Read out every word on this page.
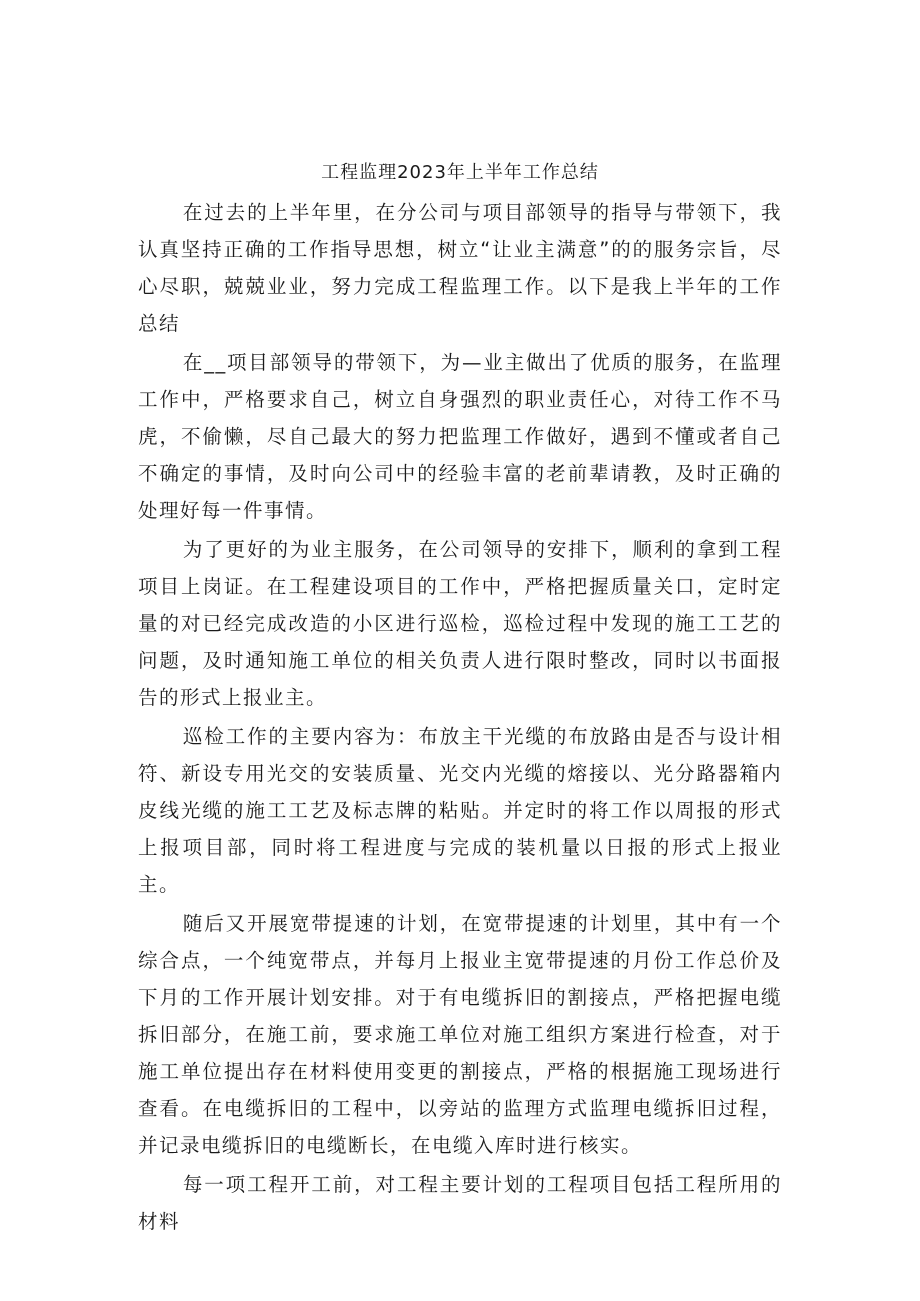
工程监理2023年上半年工作总结

在过去的上半年里，在分公司与项目部领导的指导与带领下，我认真坚持正确的工作指导思想，树立“让业主满意”的的服务宗旨，尽心尽职，兢兢业业，努力完成工程监理工作。以下是我上半年的工作总结

在__项目部领导的带领下，为—业主做出了优质的服务，在监理工作中，严格要求自己，树立自身强烈的职业责任心，对待工作不马虎，不偷懒，尽自己最大的努力把监理工作做好，遇到不懂或者自己不确定的事情，及时向公司中的经验丰富的老前辈请教，及时正确的处理好每一件事情。

为了更好的为业主服务，在公司领导的安排下，顺利的拿到工程项目上岗证。在工程建设项目的工作中，严格把握质量关口，定时定量的对已经完成改造的小区进行巡检，巡检过程中发现的施工工艺的问题，及时通知施工单位的相关负责人进行限时整改，同时以书面报告的形式上报业主。

巡检工作的主要内容为：布放主干光缆的布放路由是否与设计相符、新设专用光交的安装质量、光交内光缆的熔接以、光分路器箱内皮线光缆的施工工艺及标志牌的粘贴。并定时的将工作以周报的形式上报项目部，同时将工程进度与完成的装机量以日报的形式上报业主。

随后又开展宽带提速的计划，在宽带提速的计划里，其中有一个综合点，一个纯宽带点，并每月上报业主宽带提速的月份工作总价及下月的工作开展计划安排。对于有电缆拆旧的割接点，严格把握电缆拆旧部分，在施工前，要求施工单位对施工组织方案进行检查，对于施工单位提出存在材料使用变更的割接点，严格的根据施工现场进行查看。在电缆拆旧的工程中，以旁站的监理方式监理电缆拆旧过程，并记录电缆拆旧的电缆断长，在电缆入库时进行核实。

每一项工程开工前，对工程主要计划的工程项目包括工程所用的材料
